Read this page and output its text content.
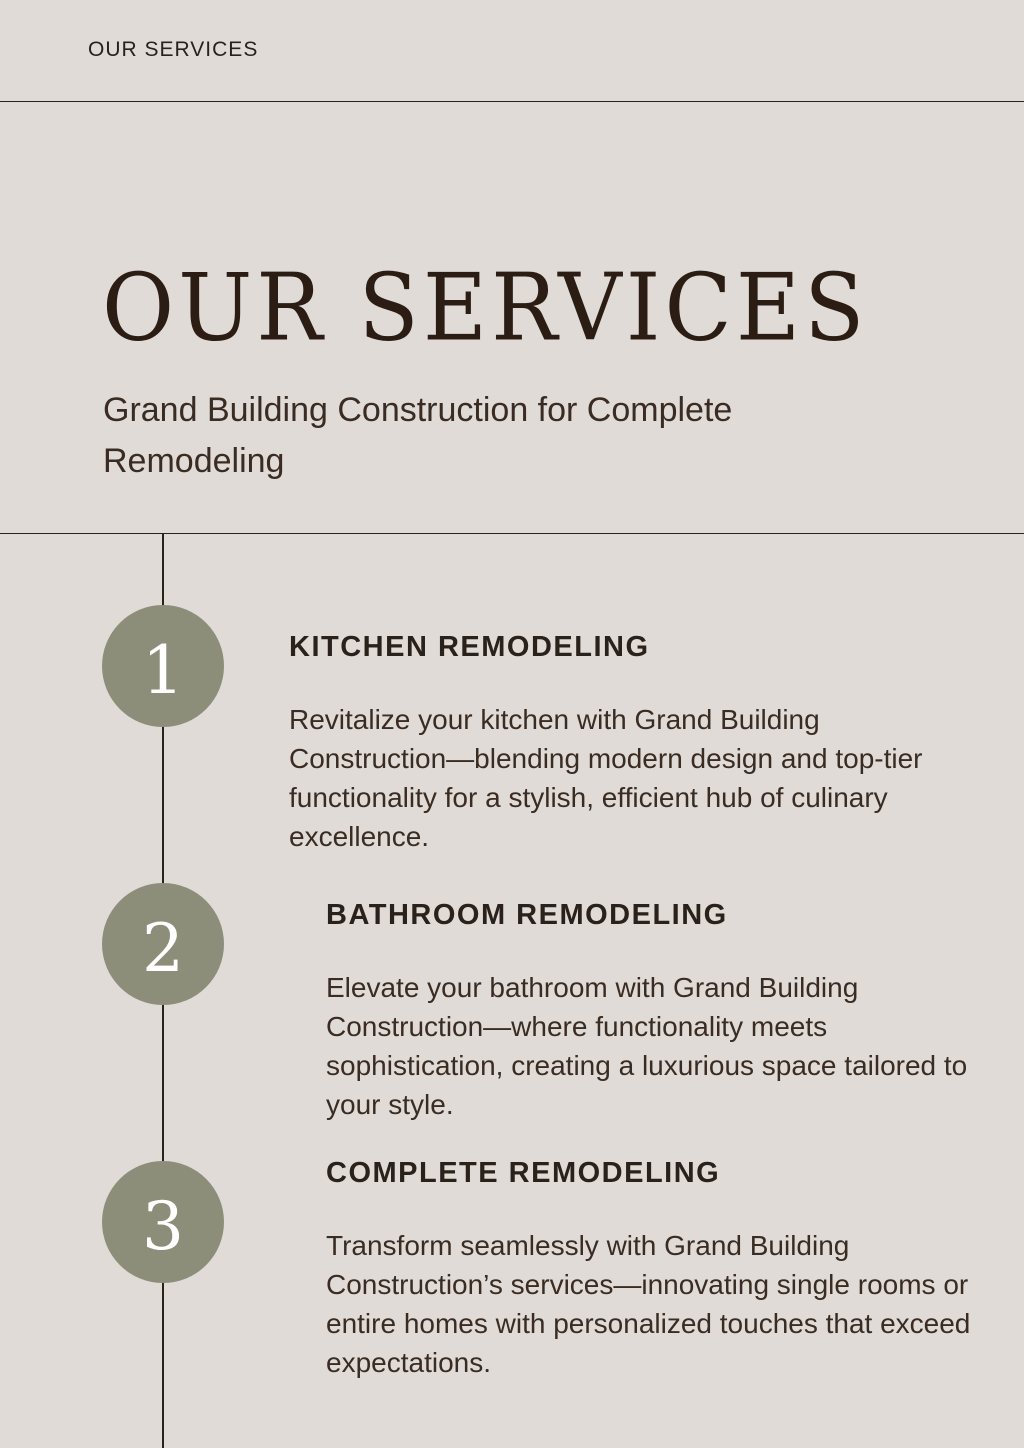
OUR SERVICES
OUR SERVICES

Grand Building Construction for Complete Remodeling

1	KITCHEN REMODELING

Revitalize your kitchen with Grand Building Construction—blending modern design and top-tier functionality for a stylish, efficient hub of culinary excellence.

2	BATHROOM REMODELING

Elevate your bathroom with Grand Building Construction—where functionality meets sophistication, creating a luxurious space tailored to your style.

3
COMPLETE REMODELING

Transform seamlessly with Grand Building Construction’s services—innovating single rooms or entire homes with personalized touches that exceed expectations.
